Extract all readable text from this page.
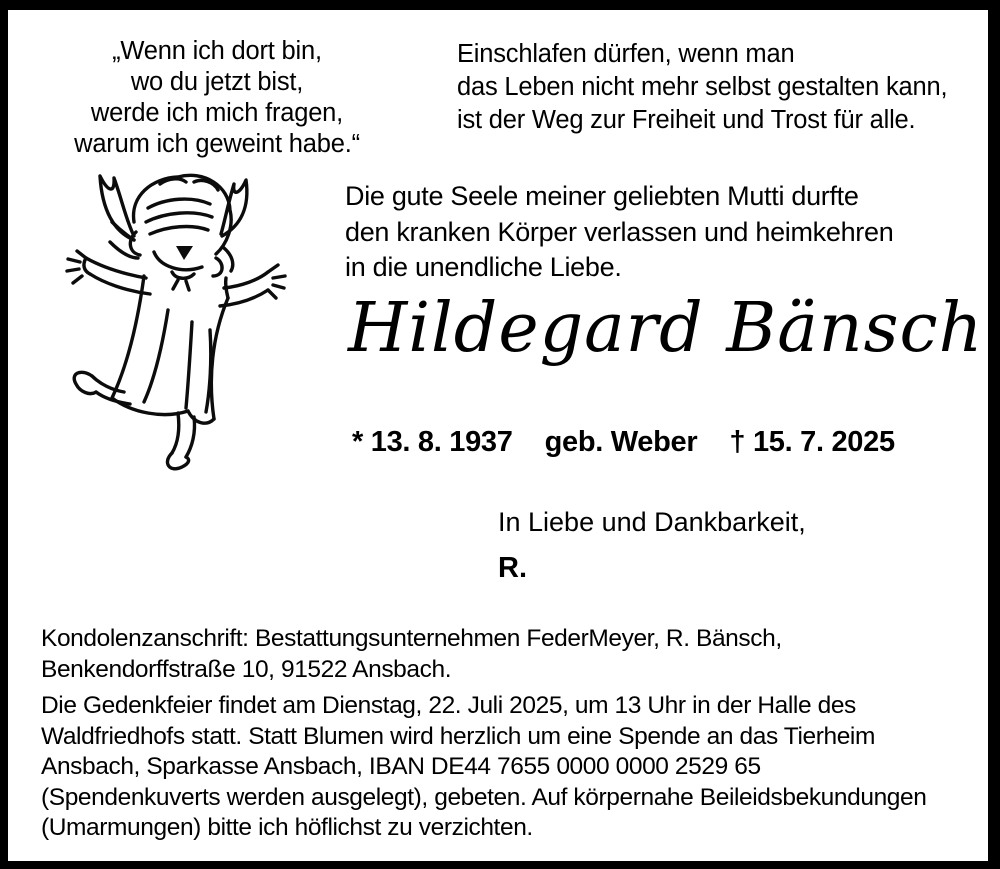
„Wenn ich dort bin,
wo du jetzt bist,
werde ich mich fragen,
warum ich geweint habe.“
Einschlafen dürfen, wenn man
das Leben nicht mehr selbst gestalten kann,
ist der Weg zur Freiheit und Trost für alle.
Die gute Seele meiner geliebten Mutti durfte
den kranken Körper verlassen und heimkehren
in die unendliche Liebe.
Hildegard Bänsch
* 13. 8. 1937 geb. Weber † 15. 7. 2025
In Liebe und Dankbarkeit,
R.
Kondolenzanschrift: Bestattungsunternehmen FederMeyer, R. Bänsch,
Benkendorffstraße 10, 91522 Ansbach.
Die Gedenkfeier findet am Dienstag, 22. Juli 2025, um 13 Uhr in der Halle des
Waldfriedhofs statt. Statt Blumen wird herzlich um eine Spende an das Tierheim
Ansbach, Sparkasse Ansbach, IBAN DE44 7655 0000 0000 2529 65
(Spendenkuverts werden ausgelegt), gebeten. Auf körpernahe Beileidsbekundungen
(Umarmungen) bitte ich höflichst zu verzichten.
